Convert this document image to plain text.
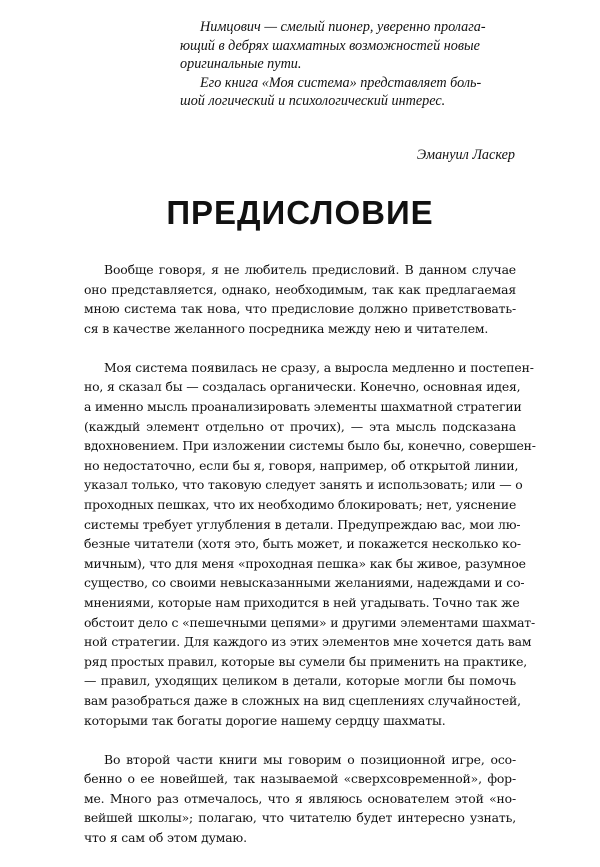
Нимцович — смелый пионер, уверенно пролага-

ющий в дебрях шахматных возможностей новые

оригинальные пути.

Его книга «Моя система» представляет боль-

шой логический и психологический интерес.

Эмануил Ласкер
ПРЕДИСЛОВИЕ
Вообще говоря, я не любитель предисловий. В данном случае
оно представляется, однако, необходимым, так как предлагаемая
мною система так нова, что предисловие должно приветствовать-
ся в качестве желанного посредника между нею и читателем.
Моя система появилась не сразу, а выросла медленно и постепен-
но, я сказал бы — создалась органически. Конечно, основная идея,
а именно мысль проанализировать элементы шахматной стратегии
(каждый элемент отдельно от прочих), — эта мысль подсказана
вдохновением. При изложении системы было бы, конечно, совершен-
но недостаточно, если бы я, говоря, например, об открытой линии,
указал только, что таковую следует занять и использовать; или — о
проходных пешках, что их необходимо блокировать; нет, уяснение
системы требует углубления в детали. Предупреждаю вас, мои лю-
безные читатели (хотя это, быть может, и покажется несколько ко-
мичным), что для меня «проходная пешка» как бы живое, разумное
существо, со своими невысказанными желаниями, надеждами и со-
мнениями, которые нам приходится в ней угадывать. Точно так же
обстоит дело с «пешечными цепями» и другими элементами шахмат-
ной стратегии. Для каждого из этих элементов мне хочется дать вам
ряд простых правил, которые вы сумели бы применить на практике,
— правил, уходящих целиком в детали, которые могли бы помочь
вам разобраться даже в сложных на вид сцеплениях случайностей,
которыми так богаты дорогие нашему сердцу шахматы.
Во второй части книги мы говорим о позиционной игре, осо-
бенно о ее новейшей, так называемой «сверхсовременной», фор-
ме. Много раз отмечалось, что я являюсь основателем этой «но-
вейшей школы»; полагаю, что читателю будет интересно узнать,
что я сам об этом думаю.
